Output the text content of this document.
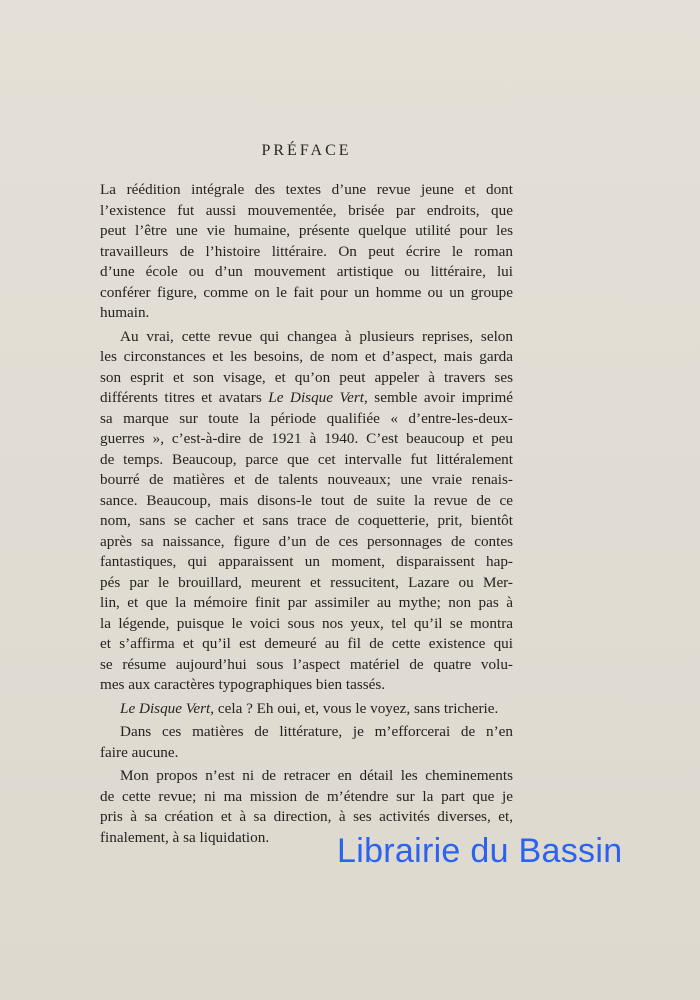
PRÉFACE

La réédition intégrale des textes d’une revue jeune et dont
l’existence fut aussi mouvementée, brisée par endroits, que
peut l’être une vie humaine, présente quelque utilité pour les
travailleurs de l’histoire littéraire. On peut écrire le roman
d’une école ou d’un mouvement artistique ou littéraire, lui
conférer figure, comme on le fait pour un homme ou un groupe
humain.

Au vrai, cette revue qui changea à plusieurs reprises, selon
les circonstances et les besoins, de nom et d’aspect, mais garda
son esprit et son visage, et qu’on peut appeler à travers ses
différents titres et avatars Le Disque Vert, semble avoir imprimé
sa marque sur toute la période qualifiée « d’entre-les-deux-
guerres », c’est-à-dire de 1921 à 1940. C’est beaucoup et peu
de temps. Beaucoup, parce que cet intervalle fut littéralement
bourré de matières et de talents nouveaux; une vraie renais-
sance. Beaucoup, mais disons-le tout de suite la revue de ce
nom, sans se cacher et sans trace de coquetterie, prit, bientôt
après sa naissance, figure d’un de ces personnages de contes
fantastiques, qui apparaissent un moment, disparaissent hap-
pés par le brouillard, meurent et ressucitent, Lazare ou Mer-
lin, et que la mémoire finit par assimiler au mythe; non pas à
la légende, puisque le voici sous nos yeux, tel qu’il se montra
et s’affirma et qu’il est demeuré au fil de cette existence qui
se résume aujourd’hui sous l’aspect matériel de quatre volu-
mes aux caractères typographiques bien tassés.

Le Disque Vert, cela ? Eh oui, et, vous le voyez, sans tricherie.

Dans ces matières de littérature, je m’efforcerai de n’en
faire aucune.

Mon propos n’est ni de retracer en détail les cheminements
de cette revue; ni ma mission de m’étendre sur la part que je
pris à sa création et à sa direction, à ses activités diverses, et,
finalement, à sa liquidation.	Librairie du Bassin
